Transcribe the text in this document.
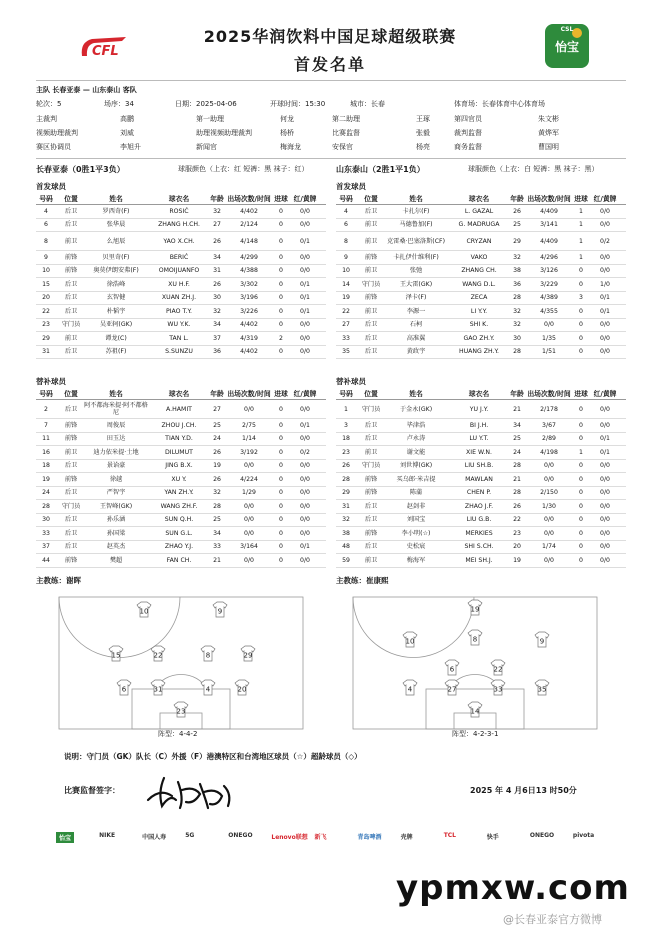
CFL
CSL
怡宝
2025华润饮料中国足球超级联赛
首发名单
主队 长春亚泰 — 山东泰山 客队
轮次：5	场序：34	日期：2025-04-06	开球时间：15:30	城市：长春	体育场：长春体育中心体育场
长春亚泰（0胜1平3负）	球服颜色（上衣：红 短裤：黑 袜子：红）	山东泰山（2胜1平1负）	球服颜色（上衣：白 短裤：黑 袜子：黑）
首发球员	首发球员
号码	位置	姓名	球衣名	年龄 出场次数/时间 进球 红/黄牌
4	后卫	罗西奇(F)	ROSIĆ	32	4/402	0	0/0
6	后卫	张华晨	ZHANG H.CH.	27	2/124	0	0/0
8	前卫	么旭辰	YAO X.CH.	26	4/148	0	0/1
9	前锋	贝里奇(F)	BERIĆ	34	4/299	0	0/0
10	前锋	奥莫伊朗安弗(F)	OMOIJUANFO	31	4/388	0	0/0
15	后卫	徐浩峰	XU H.F.	26	3/302	0	0/1
20	后卫	玄智健	XUAN ZH.J.	30	3/196	0	0/1
22	后卫	朴韬宇	PIAO T.Y.	32	3/226	0	0/1
23	守门员	吴亚轲(GK)	WU Y.K.	34	4/402	0	0/0
29	前卫	谭龙(C)	TAN L.	37	4/319	2	0/0
31	后卫	苏祖(F)	S.SUNZU	36	4/402	0	0/0
号码	位置	姓名	球衣名	年龄 出场次数/时间 进球 红/黄牌
4	后卫	卡扎尔(F)	L. GAZAL	26	4/409	1	0/0
6	前卫	马德鲁加(F)	G. MADRUGA	25	3/141	1	0/0
8	前卫	克雷桑·巴塞洛斯(CF)	CRYZAN	29	4/409	1	0/2
9	前锋	卡扎伊什维利(F)	VAKO	32	4/296	1	0/0
10	前卫	张弛	ZHANG CH.	38	3/126	0	0/0
14	守门员	王大雷(GK)	WANG D.L.	36	3/229	0	1/0
19	前锋	泽卡(F)	ZECA	28	4/389	3	0/1
22	前卫	李源一	LI Y.Y.	32	4/355	0	0/1
27	后卫	石柯	SHI K.	32	0/0	0	0/0
33	后卫	高准翼	GAO ZH.Y.	30	1/35	0	0/0
35	后卫	黄政宇	HUANG ZH.Y.	28	1/51	0	0/0
替补球员	替补球员
号码	位置	姓名	球衣名	年龄 出场次数/时间 进球 红/黄牌
2	后卫	阿不都海米提·阿不都格尼	A.HAMIT	27	0/0	0	0/0
7	前锋	周俊辰	ZHOU J.CH.	25	2/75	0	0/1
11	前锋	田玉达	TIAN Y.D.	24	1/14	0	0/0
16	前卫	迪力依米提·土地	DILUMUT	26	3/192	0	0/2
18	后卫	景诒豪	JING B.X.	19	0/0	0	0/0
19	前锋	徐越	XU Y.	26	4/224	0	0/0
24	后卫	严智宇	YAN ZH.Y.	32	1/29	0	0/0
28	守门员	王智峰(GK)	WANG ZH.F.	28	0/0	0	0/0
30	后卫	孙乐涵	SUN Q.H.	25	0/0	0	0/0
33	后卫	孙国梁	SUN G.L.	34	0/0	0	0/0
37	后卫	赵英杰	ZHAO Y.J.	33	3/164	0	0/1
44	前锋	樊超	FAN CH.	21	0/0	0	0/0
号码	位置	姓名	球衣名	年龄 出场次数/时间 进球 红/黄牌
1	守门员	于金永(GK)	YU J.Y.	21	2/178	0	0/0
3	后卫	毕津浩	BI J.H.	34	3/67	0	0/0
18	后卫	卢永涛	LU Y.T.	25	2/89	0	0/1
23	前卫	谢文能	XIE W.N.	24	4/198	1	0/1
26	守门员	刘世博(GK)	LIU SH.B.	28	0/0	0	0/0
28	前锋	买乌郎·米吉提	MAWLAN	21	0/0	0	0/0
29	前锋	陈蒲	CHEN P.	28	2/150	0	0/0
31	后卫	赵剑非	ZHAO J.F.	26	1/30	0	0/0
32	后卫	刘国宝	LIU G.B.	22	0/0	0	0/0
38	前锋	李小明(☆)	MERKIES	23	0/0	0	0/0
48	后卫	史松宸	SHI S.CH.	20	1/74	0	0/0
59	前卫	梅海军	MEI SH.J.	19	0/0	0	0/0
主教练：谢晖	主教练：崔康熙
23
6	31	4	20
15	22	8	29
10	9
14
4	27	33	35
6	22
10	8	9
19
阵型：4-4-2	阵型：4-2-3-1
说明：守门员（GK）队长（C）外援（F）港澳特区和台湾地区球员（☆）超龄球员（◇）
比赛监督签字：	2025 年 4 月6日13 时50分
怡宝	NIKE	中国人寿	5G	ONEGO	Lenovo联想 新飞	青岛啤酒	壳牌	TCL	快手	ONEGO	pivota
ypmxw.com
@长春亚泰官方微博
主裁判	高鹏	第一助理	何龙	第二助理	王琢	第四官员	朱文彬
视频助理裁判	刘威	助理视频助理裁判	杨桥	比赛监督	张毅	裁判监督	黄烨军
赛区协调员	李旭升	新闻官	梅海龙	安保官	杨亮	商务监督	曹国明
